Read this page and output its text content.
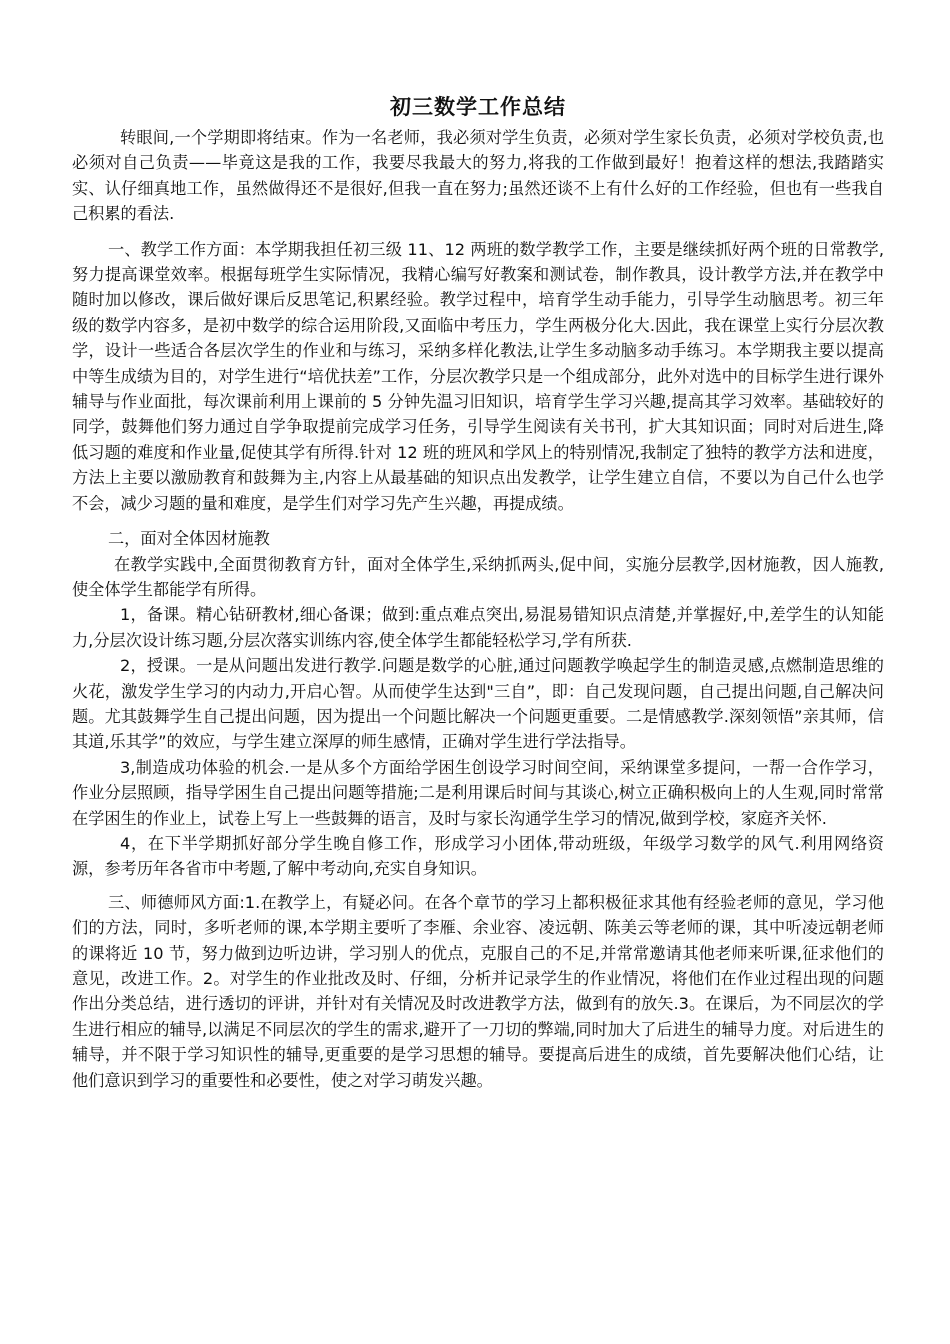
初三数学工作总结

转眼间,一个学期即将结束。作为一名老师，我必须对学生负责，必须对学生家长负责，必须对学校负责,也必须对自己负责——毕竟这是我的工作，我要尽我最大的努力,将我的工作做到最好！抱着这样的想法,我踏踏实实、认仔细真地工作，虽然做得还不是很好,但我一直在努力;虽然还谈不上有什么好的工作经验，但也有一些我自己积累的看法.

一、教学工作方面：本学期我担任初三级 11、12 两班的数学教学工作，主要是继续抓好两个班的日常教学,努力提高课堂效率。根据每班学生实际情况，我精心编写好教案和测试卷，制作教具，设计教学方法,并在教学中随时加以修改，课后做好课后反思笔记,积累经验。教学过程中，培育学生动手能力，引导学生动脑思考。初三年级的数学内容多，是初中数学的综合运用阶段,又面临中考压力，学生两极分化大.因此，我在课堂上实行分层次教学，设计一些适合各层次学生的作业和与练习，采纳多样化教法,让学生多动脑多动手练习。本学期我主要以提高中等生成绩为目的，对学生进行“培优扶差”工作，分层次教学只是一个组成部分，此外对选中的目标学生进行课外辅导与作业面批，每次课前利用上课前的 5 分钟先温习旧知识，培育学生学习兴趣,提高其学习效率。基础较好的同学，鼓舞他们努力通过自学争取提前完成学习任务，引导学生阅读有关书刊，扩大其知识面；同时对后进生,降低习题的难度和作业量,促使其学有所得.针对 12 班的班风和学风上的特别情况,我制定了独特的教学方法和进度，方法上主要以激励教育和鼓舞为主,内容上从最基础的知识点出发教学，让学生建立自信，不要以为自己什么也学不会，减少习题的量和难度，是学生们对学习先产生兴趣，再提成绩。

二，面对全体因材施教

在教学实践中,全面贯彻教育方针，面对全体学生,采纳抓两头,促中间，实施分层教学,因材施教，因人施教,使全体学生都能学有所得。

1，备课。精心钻研教材,细心备课；做到:重点难点突出,易混易错知识点清楚,并掌握好,中,差学生的认知能力,分层次设计练习题,分层次落实训练内容,使全体学生都能轻松学习,学有所获.

2，授课。一是从问题出发进行教学.问题是数学的心脏,通过问题教学唤起学生的制造灵感,点燃制造思维的火花，激发学生学习的内动力,开启心智。从而使学生达到"三自”，即：自己发现问题，自己提出问题,自己解决问题。尤其鼓舞学生自己提出问题，因为提出一个问题比解决一个问题更重要。二是情感教学.深刻领悟”亲其师，信其道,乐其学”的效应，与学生建立深厚的师生感情，正确对学生进行学法指导。

3,制造成功体验的机会.一是从多个方面给学困生创设学习时间空间，采纳课堂多提问，一帮一合作学习，作业分层照顾，指导学困生自己提出问题等措施;二是利用课后时间与其谈心,树立正确积极向上的人生观,同时常常在学困生的作业上，试卷上写上一些鼓舞的语言，及时与家长沟通学生学习的情况,做到学校，家庭齐关怀.

4，在下半学期抓好部分学生晚自修工作，形成学习小团体,带动班级，年级学习数学的风气.利用网络资源，参考历年各省市中考题,了解中考动向,充实自身知识。

三、师德师风方面:1.在教学上，有疑必问。在各个章节的学习上都积极征求其他有经验老师的意见，学习他们的方法，同时，多听老师的课,本学期主要听了李雁、余业容、凌远朝、陈美云等老师的课，其中听凌远朝老师的课将近 10 节，努力做到边听边讲，学习别人的优点，克服自己的不足,并常常邀请其他老师来听课,征求他们的意见，改进工作。2。对学生的作业批改及时、仔细，分析并记录学生的作业情况，将他们在作业过程出现的问题作出分类总结，进行透切的评讲，并针对有关情况及时改进教学方法，做到有的放矢.3。在课后，为不同层次的学生进行相应的辅导,以满足不同层次的学生的需求,避开了一刀切的弊端,同时加大了后进生的辅导力度。对后进生的辅导，并不限于学习知识性的辅导,更重要的是学习思想的辅导。要提高后进生的成绩，首先要解决他们心结，让他们意识到学习的重要性和必要性，使之对学习萌发兴趣。
